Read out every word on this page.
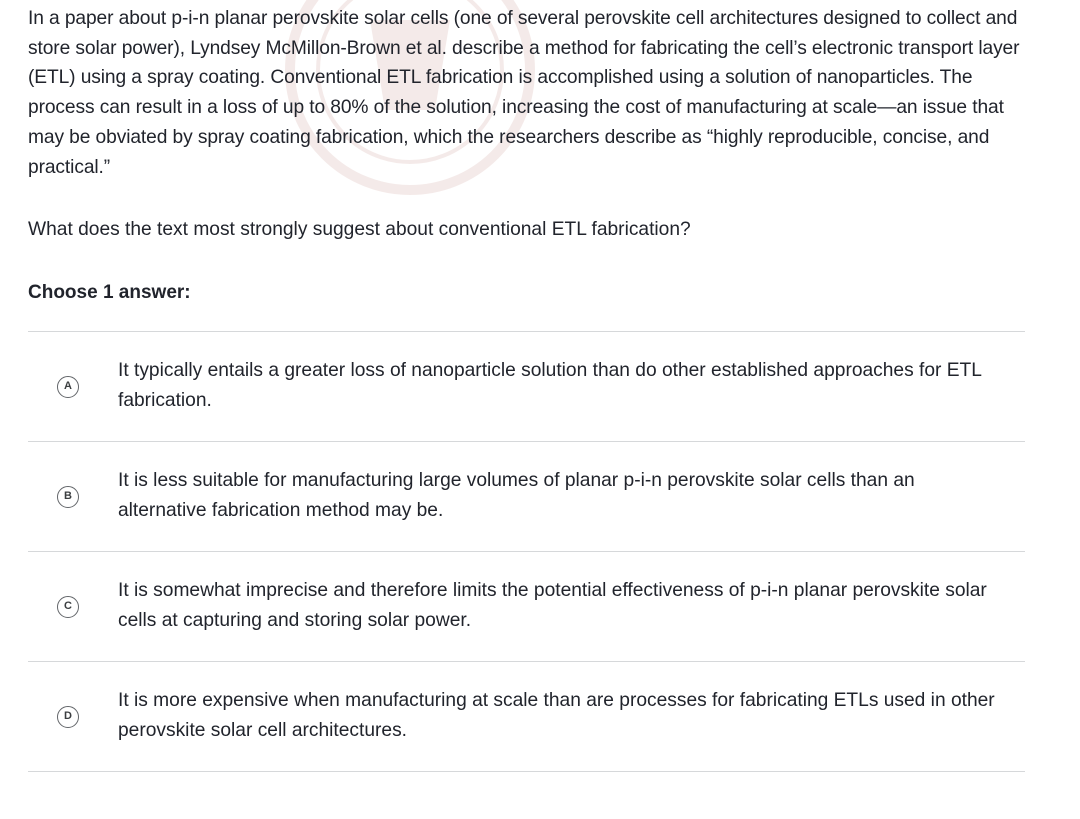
In a paper about p-i-n planar perovskite solar cells (one of several perovskite cell architectures designed to collect and store solar power), Lyndsey McMillon-Brown et al. describe a method for fabricating the cell’s electronic transport layer (ETL) using a spray coating. Conventional ETL fabrication is accomplished using a solution of nanoparticles. The process can result in a loss of up to 80% of the solution, increasing the cost of manufacturing at scale—an issue that may be obviated by spray coating fabrication, which the researchers describe as “highly reproducible, concise, and practical.”
What does the text most strongly suggest about conventional ETL fabrication?
Choose 1 answer:
A
It typically entails a greater loss of nanoparticle solution than do other established approaches for ETL fabrication.
B
It is less suitable for manufacturing large volumes of planar p-i-n perovskite solar cells than an alternative fabrication method may be.
C
It is somewhat imprecise and therefore limits the potential effectiveness of p-i-n planar perovskite solar cells at capturing and storing solar power.
D
It is more expensive when manufacturing at scale than are processes for fabricating ETLs used in other perovskite solar cell architectures.
